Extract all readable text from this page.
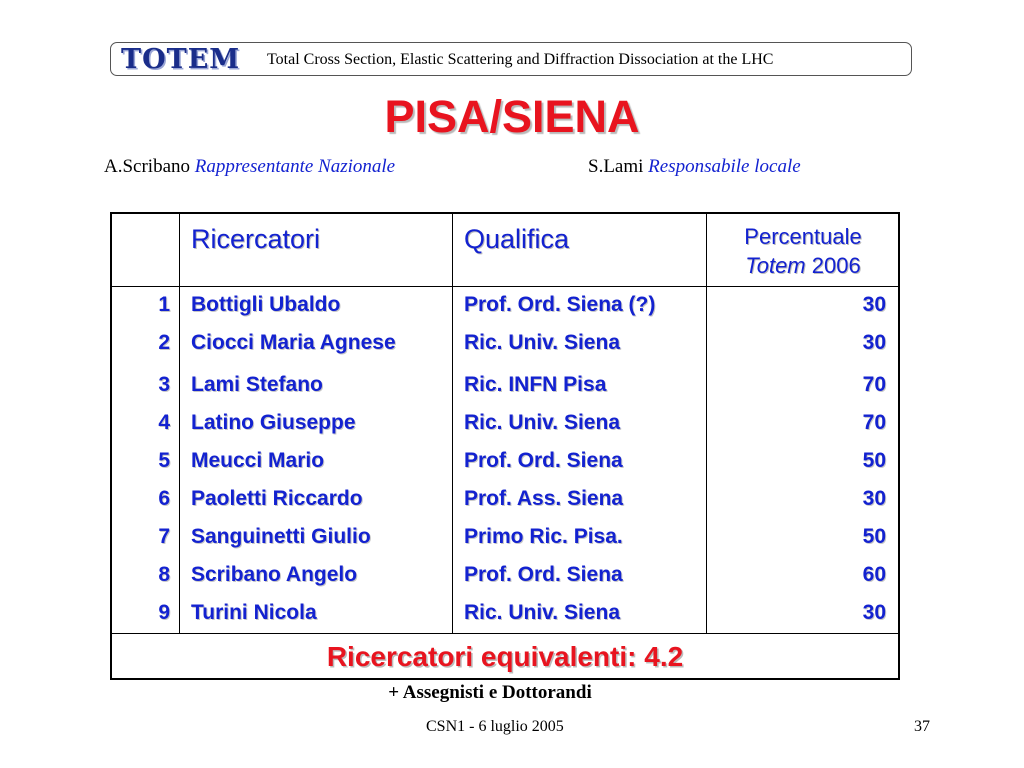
TOTEM Total Cross Section, Elastic Scattering and Diffraction Dissociation at the LHC
PISA/SIENA
A.Scribano Rappresentante Nazionale	S.Lami Responsabile locale
Ricercatori	Qualifica	Percentuale
Totem 2006
1 Bottigli Ubaldo	Prof. Ord. Siena (?)	30
2 Ciocci Maria Agnese	Ric. Univ. Siena	30
3 Lami Stefano	Ric. INFN Pisa	70
4 Latino Giuseppe	Ric. Univ. Siena	70
5 Meucci Mario	Prof. Ord. Siena	50
6 Paoletti Riccardo	Prof. Ass. Siena	30
7 Sanguinetti Giulio	Primo Ric. Pisa.	50
8 Scribano Angelo	Prof. Ord. Siena	60
9 Turini Nicola	Ric. Univ. Siena	30
Ricercatori equivalenti: 4.2
+ Assegnisti e Dottorandi
CSN1 - 6 luglio 2005	37
